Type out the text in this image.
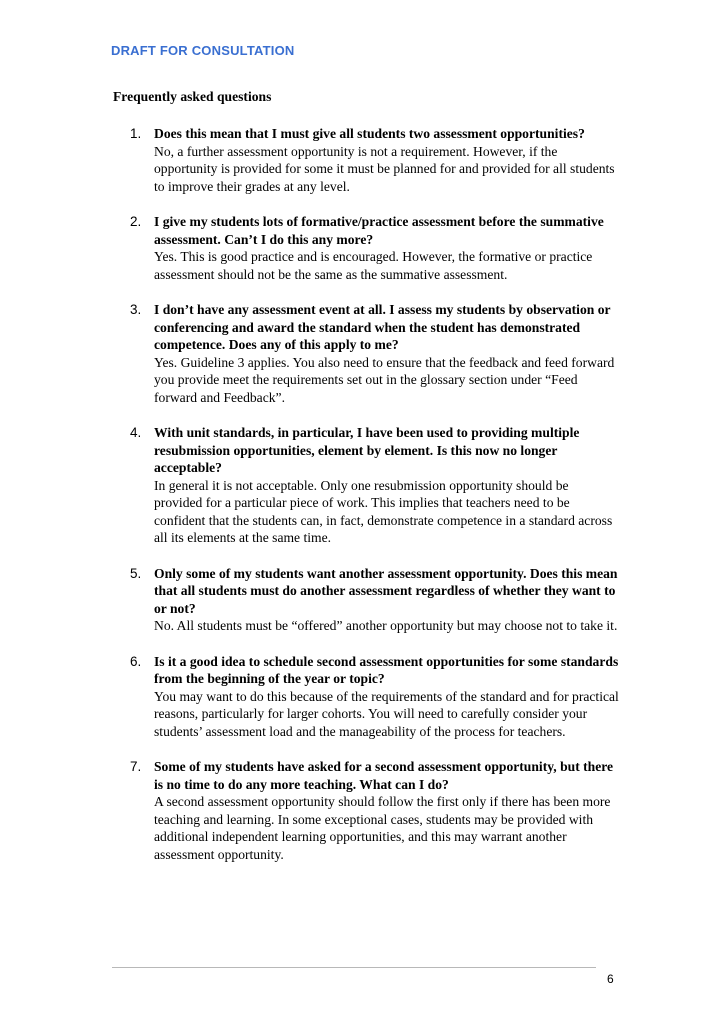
DRAFT FOR CONSULTATION
Frequently asked questions
1. Does this mean that I must give all students two assessment opportunities?
No, a further assessment opportunity is not a requirement. However, if the opportunity is provided for some it must be planned for and provided for all students to improve their grades at any level.
2. I give my students lots of formative/practice assessment before the summative assessment. Can’t I do this any more?
Yes. This is good practice and is encouraged. However, the formative or practice assessment should not be the same as the summative assessment.
3. I don’t have any assessment event at all. I assess my students by observation or conferencing and award the standard when the student has demonstrated competence. Does any of this apply to me?
Yes. Guideline 3 applies. You also need to ensure that the feedback and feed forward you provide meet the requirements set out in the glossary section under “Feed forward and Feedback”.
4. With unit standards, in particular, I have been used to providing multiple resubmission opportunities, element by element. Is this now no longer acceptable?
In general it is not acceptable. Only one resubmission opportunity should be provided for a particular piece of work. This implies that teachers need to be confident that the students can, in fact, demonstrate competence in a standard across all its elements at the same time.
5. Only some of my students want another assessment opportunity. Does this mean that all students must do another assessment regardless of whether they want to or not?
No. All students must be “offered” another opportunity but may choose not to take it.
6. Is it a good idea to schedule second assessment opportunities for some standards from the beginning of the year or topic?
You may want to do this because of the requirements of the standard and for practical reasons, particularly for larger cohorts. You will need to carefully consider your students’ assessment load and the manageability of the process for teachers.
7. Some of my students have asked for a second assessment opportunity, but there is no time to do any more teaching. What can I do?
A second assessment opportunity should follow the first only if there has been more teaching and learning. In some exceptional cases, students may be provided with additional independent learning opportunities, and this may warrant another assessment opportunity.
6
